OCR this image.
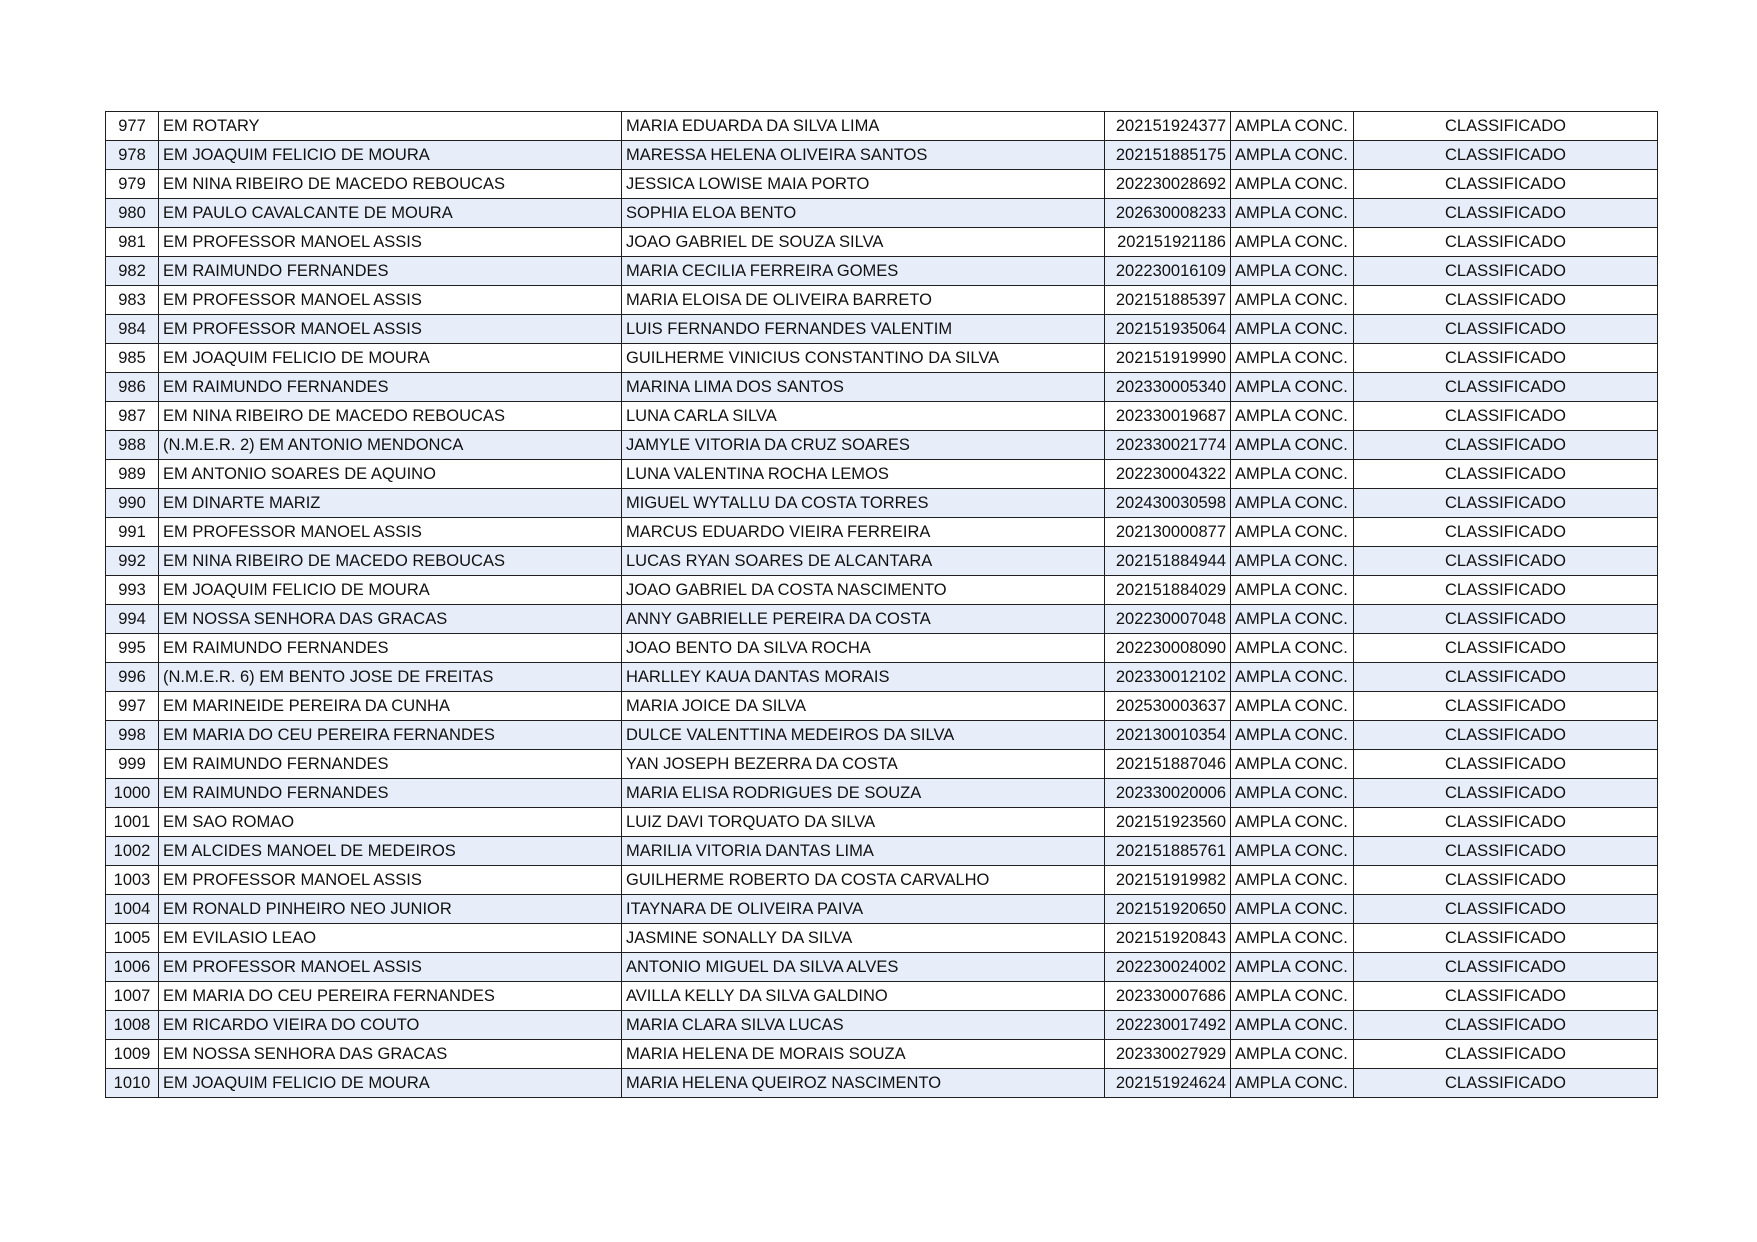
977	EM ROTARY	MARIA EDUARDA DA SILVA LIMA	202151924377	AMPLA CONC.	CLASSIFICADO
978	EM JOAQUIM FELICIO DE MOURA	MARESSA HELENA OLIVEIRA SANTOS	202151885175	AMPLA CONC.	CLASSIFICADO
979	EM NINA RIBEIRO DE MACEDO REBOUCAS	JESSICA LOWISE MAIA PORTO	202230028692	AMPLA CONC.	CLASSIFICADO
980	EM PAULO CAVALCANTE DE MOURA	SOPHIA ELOA BENTO	202630008233	AMPLA CONC.	CLASSIFICADO
981	EM PROFESSOR MANOEL ASSIS	JOAO GABRIEL DE SOUZA SILVA	202151921186	AMPLA CONC.	CLASSIFICADO
982	EM RAIMUNDO FERNANDES	MARIA CECILIA FERREIRA GOMES	202230016109	AMPLA CONC.	CLASSIFICADO
983	EM PROFESSOR MANOEL ASSIS	MARIA ELOISA DE OLIVEIRA BARRETO	202151885397	AMPLA CONC.	CLASSIFICADO
984	EM PROFESSOR MANOEL ASSIS	LUIS FERNANDO FERNANDES VALENTIM	202151935064	AMPLA CONC.	CLASSIFICADO
985	EM JOAQUIM FELICIO DE MOURA	GUILHERME VINICIUS CONSTANTINO DA SILVA	202151919990	AMPLA CONC.	CLASSIFICADO
986	EM RAIMUNDO FERNANDES	MARINA LIMA DOS SANTOS	202330005340	AMPLA CONC.	CLASSIFICADO
987	EM NINA RIBEIRO DE MACEDO REBOUCAS	LUNA CARLA SILVA	202330019687	AMPLA CONC.	CLASSIFICADO
988	(N.M.E.R. 2) EM ANTONIO MENDONCA	JAMYLE VITORIA DA CRUZ SOARES	202330021774	AMPLA CONC.	CLASSIFICADO
989	EM ANTONIO SOARES DE AQUINO	LUNA VALENTINA ROCHA LEMOS	202230004322	AMPLA CONC.	CLASSIFICADO
990	EM DINARTE MARIZ	MIGUEL WYTALLU DA COSTA TORRES	202430030598	AMPLA CONC.	CLASSIFICADO
991	EM PROFESSOR MANOEL ASSIS	MARCUS EDUARDO VIEIRA FERREIRA	202130000877	AMPLA CONC.	CLASSIFICADO
992	EM NINA RIBEIRO DE MACEDO REBOUCAS	LUCAS RYAN SOARES DE ALCANTARA	202151884944	AMPLA CONC.	CLASSIFICADO
993	EM JOAQUIM FELICIO DE MOURA	JOAO GABRIEL DA COSTA NASCIMENTO	202151884029	AMPLA CONC.	CLASSIFICADO
994	EM NOSSA SENHORA DAS GRACAS	ANNY GABRIELLE PEREIRA DA COSTA	202230007048	AMPLA CONC.	CLASSIFICADO
995	EM RAIMUNDO FERNANDES	JOAO BENTO DA SILVA ROCHA	202230008090	AMPLA CONC.	CLASSIFICADO
996	(N.M.E.R. 6) EM BENTO JOSE DE FREITAS	HARLLEY KAUA DANTAS MORAIS	202330012102	AMPLA CONC.	CLASSIFICADO
997	EM MARINEIDE PEREIRA DA CUNHA	MARIA JOICE DA SILVA	202530003637	AMPLA CONC.	CLASSIFICADO
998	EM MARIA DO CEU PEREIRA FERNANDES	DULCE VALENTTINA MEDEIROS DA SILVA	202130010354	AMPLA CONC.	CLASSIFICADO
999	EM RAIMUNDO FERNANDES	YAN JOSEPH BEZERRA DA COSTA	202151887046	AMPLA CONC.	CLASSIFICADO
1000	EM RAIMUNDO FERNANDES	MARIA ELISA RODRIGUES DE SOUZA	202330020006	AMPLA CONC.	CLASSIFICADO
1001	EM SAO ROMAO	LUIZ DAVI TORQUATO DA SILVA	202151923560	AMPLA CONC.	CLASSIFICADO
1002	EM ALCIDES MANOEL DE MEDEIROS	MARILIA VITORIA DANTAS LIMA	202151885761	AMPLA CONC.	CLASSIFICADO
1003	EM PROFESSOR MANOEL ASSIS	GUILHERME ROBERTO DA COSTA CARVALHO	202151919982	AMPLA CONC.	CLASSIFICADO
1004	EM RONALD PINHEIRO NEO JUNIOR	ITAYNARA DE OLIVEIRA PAIVA	202151920650	AMPLA CONC.	CLASSIFICADO
1005	EM EVILASIO LEAO	JASMINE SONALLY DA SILVA	202151920843	AMPLA CONC.	CLASSIFICADO
1006	EM PROFESSOR MANOEL ASSIS	ANTONIO MIGUEL DA SILVA ALVES	202230024002	AMPLA CONC.	CLASSIFICADO
1007	EM MARIA DO CEU PEREIRA FERNANDES	AVILLA KELLY DA SILVA GALDINO	202330007686	AMPLA CONC.	CLASSIFICADO
1008	EM RICARDO VIEIRA DO COUTO	MARIA CLARA SILVA LUCAS	202230017492	AMPLA CONC.	CLASSIFICADO
1009	EM NOSSA SENHORA DAS GRACAS	MARIA HELENA DE MORAIS SOUZA	202330027929	AMPLA CONC.	CLASSIFICADO
1010	EM JOAQUIM FELICIO DE MOURA	MARIA HELENA QUEIROZ NASCIMENTO	202151924624	AMPLA CONC.	CLASSIFICADO
